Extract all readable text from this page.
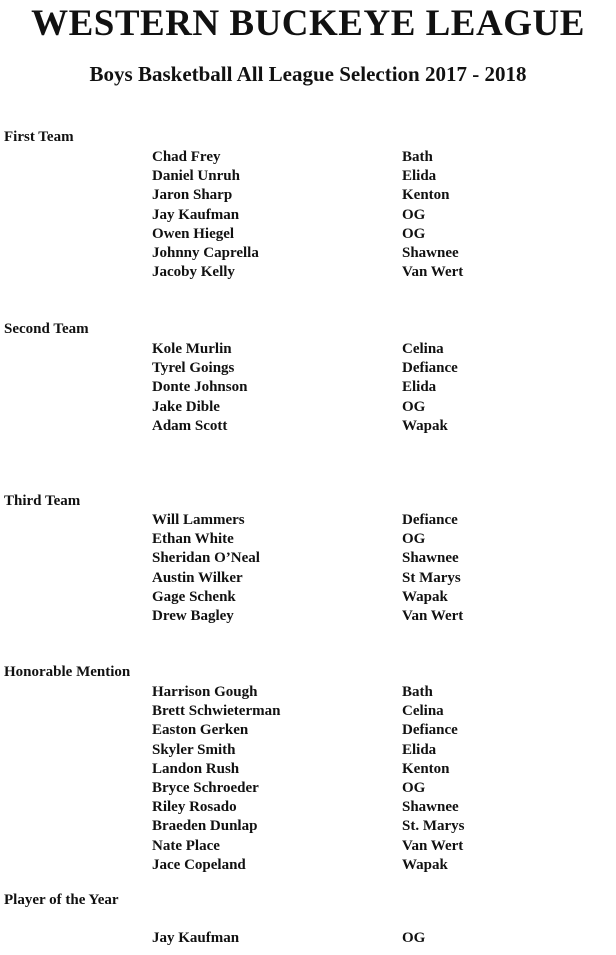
WESTERN BUCKEYE LEAGUE
Boys Basketball All League Selection 2017 - 2018
First Team
Chad Frey	Bath
Daniel Unruh	Elida
Jaron Sharp	Kenton
Jay Kaufman	OG
Owen Hiegel	OG
Johnny Caprella	Shawnee
Jacoby Kelly	Van Wert
Second Team
Kole Murlin	Celina
Tyrel Goings	Defiance
Donte Johnson	Elida
Jake Dible	OG
Adam Scott	Wapak
Third Team
Will Lammers	Defiance
Ethan White	OG
Sheridan O’Neal	Shawnee
Austin Wilker	St Marys
Gage Schenk	Wapak
Drew Bagley	Van Wert
Honorable Mention
Harrison Gough	Bath
Brett Schwieterman	Celina
Easton Gerken	Defiance
Skyler Smith	Elida
Landon Rush	Kenton
Bryce Schroeder	OG
Riley Rosado	Shawnee
Braeden Dunlap	St. Marys
Nate Place	Van Wert
Jace Copeland	Wapak
Player of the Year
Jay Kaufman	OG
